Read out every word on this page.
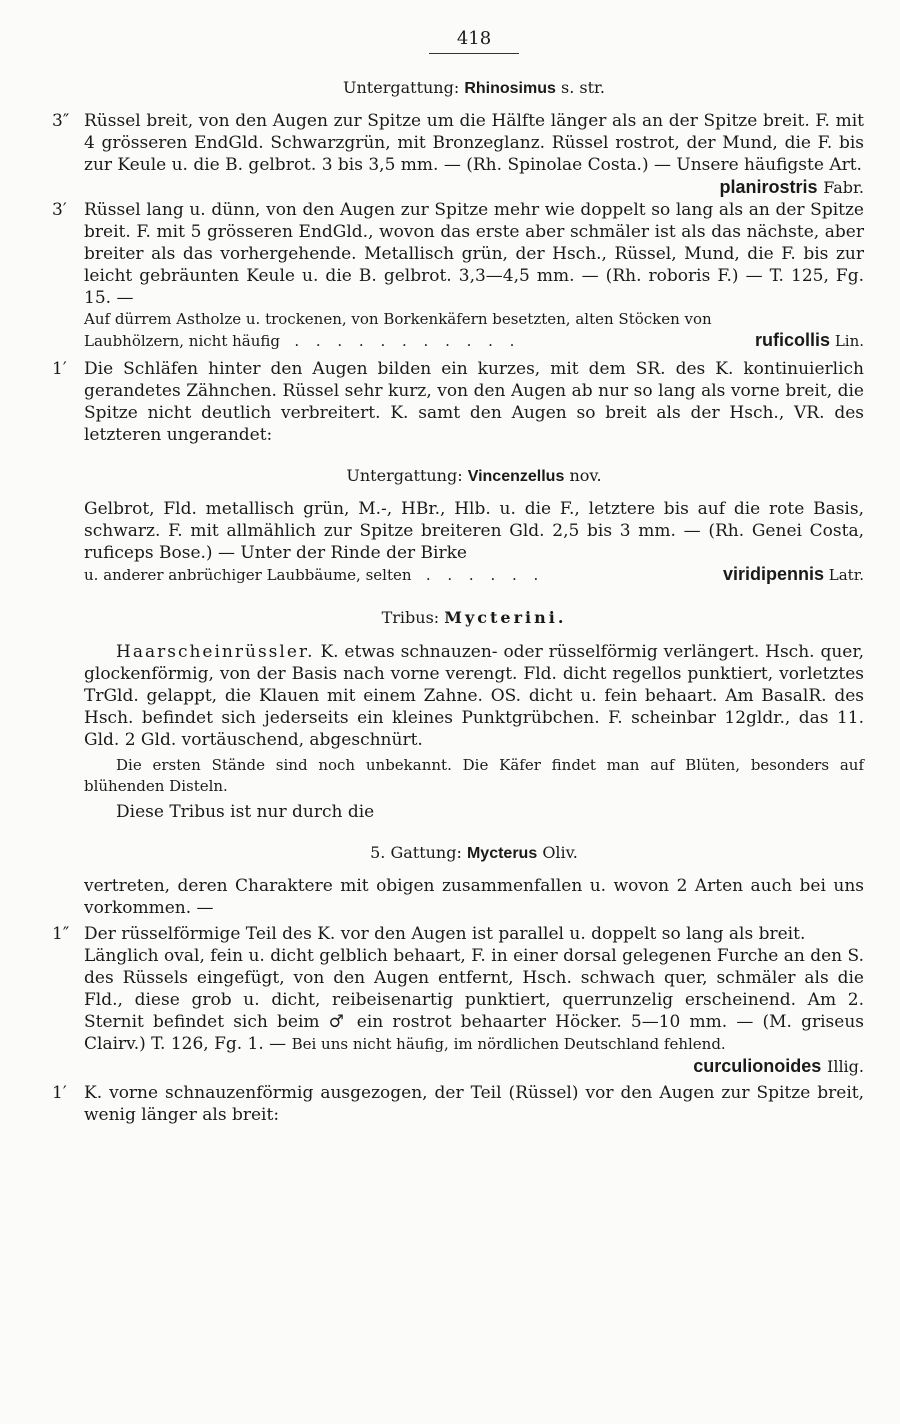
418
Untergattung: Rhinosimus s. str.
3″ Rüssel breit, von den Augen zur Spitze um die Hälfte länger als an der Spitze breit. F. mit 4 grösseren EndGld. Schwarzgrün, mit Bronzeglanz. Rüssel rostrot, der Mund, die F. bis zur Keule u. die B. gelbrot. 3 bis 3,5 mm. — (Rh. Spinolae Costa.) — Unsere häufigste Art.
planirostris Fabr.
3′ Rüssel lang u. dünn, von den Augen zur Spitze mehr wie doppelt so lang als an der Spitze breit. F. mit 5 grösseren EndGld., wovon das erste aber schmäler ist als das nächste, aber breiter als das vorhergehende. Metallisch grün, der Hsch., Rüssel, Mund, die F. bis zur leicht gebräunten Keule u. die B. gelbrot. 3,3—4,5 mm. — (Rh. roboris F.) — T. 125, Fg. 15. —
Auf dürrem Astholze u. trockenen, von Borkenkäfern besetzten, alten Stöcken von
Laubhölzern, nicht häufig . . . . . . . . . . .	ruficollis Lin.
1′ Die Schläfen hinter den Augen bilden ein kurzes, mit dem SR. des K. kontinuierlich gerandetes Zähnchen. Rüssel sehr kurz, von den Augen ab nur so lang als vorne breit, die Spitze nicht deutlich verbreitert. K. samt den Augen so breit als der Hsch., VR. des letzteren ungerandet:
Untergattung: Vincenzellus nov.
Gelbrot, Fld. metallisch grün, M.-, HBr., Hlb. u. die F., letztere bis auf die rote Basis, schwarz. F. mit allmählich zur Spitze breiteren Gld. 2,5 bis 3 mm. — (Rh. Genei Costa, ruficeps Bose.) — Unter der Rinde der Birke
u. anderer anbrüchiger Laubbäume, selten . . . . . .	viridipennis Latr.
Tribus: Mycterini.
Haarscheinrüssler. K. etwas schnauzen- oder rüsselförmig verlängert. Hsch. quer, glockenförmig, von der Basis nach vorne verengt. Fld. dicht regellos punktiert, vorletztes TrGld. gelappt, die Klauen mit einem Zahne. OS. dicht u. fein behaart. Am BasalR. des Hsch. befindet sich jederseits ein kleines Punktgrübchen. F. scheinbar 12gldr., das 11. Gld. 2 Gld. vortäuschend, abgeschnürt.
Die ersten Stände sind noch unbekannt. Die Käfer findet man auf Blüten, besonders auf blühenden Disteln.
Diese Tribus ist nur durch die
5. Gattung: Mycterus Oliv.
vertreten, deren Charaktere mit obigen zusammenfallen u. wovon 2 Arten auch bei uns vorkommen. —
1″ Der rüsselförmige Teil des K. vor den Augen ist parallel u. doppelt so lang als breit.
Länglich oval, fein u. dicht gelblich behaart, F. in einer dorsal gelegenen Furche an den S. des Rüssels eingefügt, von den Augen entfernt, Hsch. schwach quer, schmäler als die Fld., diese grob u. dicht, reibeisenartig punktiert, querrunzelig erscheinend. Am 2. Sternit befindet sich beim ♂ ein rostrot behaarter Höcker. 5—10 mm. — (M. griseus Clairv.) T. 126, Fg. 1. — Bei uns nicht häufig, im nördlichen Deutschland fehlend.
curculionoides Illig.
1′ K. vorne schnauzenförmig ausgezogen, der Teil (Rüssel) vor den Augen zur Spitze breit, wenig länger als breit:
